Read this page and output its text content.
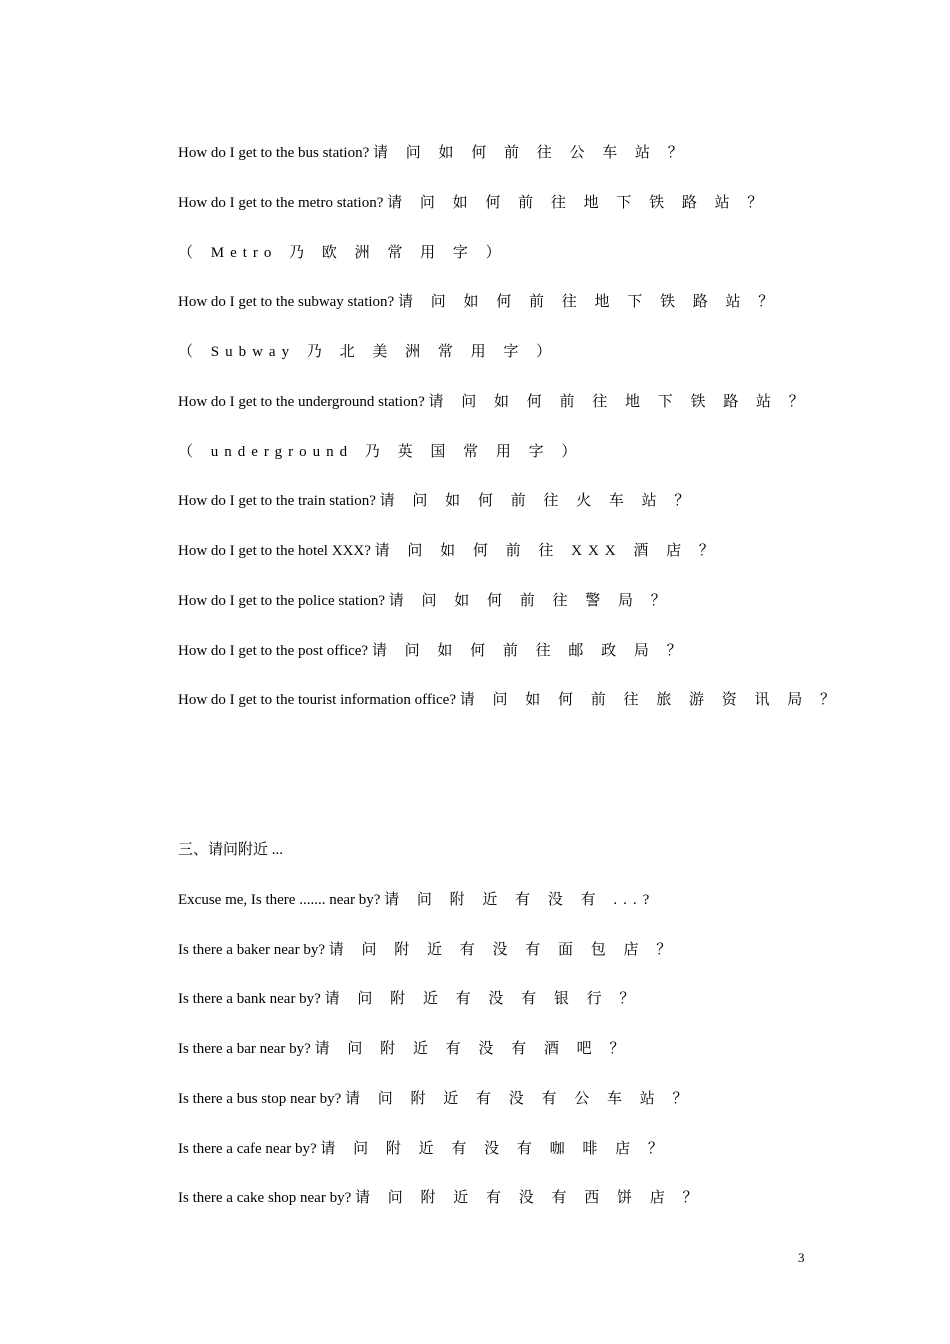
How do I get to the bus station? 请 问 如 何 前 往 公 车 站 ？
How do I get to the metro station? 请 问 如 何 前 往 地 下 铁 路 站 ？
（ Metro 乃 欧 洲 常 用 字 ）
How do I get to the subway station? 请 问 如 何 前 往 地 下 铁 路 站 ？
（ Subway 乃 北 美 洲 常 用 字 ）
How do I get to the underground station? 请 问 如 何 前 往 地 下 铁 路 站 ？
（ underground 乃 英 国 常 用 字 ）
How do I get to the train station? 请 问 如 何 前 往 火 车 站 ？
How do I get to the hotel XXX? 请 问 如 何 前 往 XXX 酒 店 ？
How do I get to the police station? 请 问 如 何 前 往 警 局 ？
How do I get to the post office? 请 问 如 何 前 往 邮 政 局 ？
How do I get to the tourist information office? 请 问 如 何 前 往 旅 游 资 讯 局 ？
三、请问附近 ...
Excuse me, Is there ....... near by? 请 问 附 近 有 没 有 ...?
Is there a baker near by? 请 问 附 近 有 没 有 面 包 店 ？
Is there a bank near by? 请 问 附 近 有 没 有 银 行 ？
Is there a bar near by? 请 问 附 近 有 没 有 酒 吧 ？
Is there a bus stop near by? 请 问 附 近 有 没 有 公 车 站 ？
Is there a cafe near by? 请 问 附 近 有 没 有 咖 啡 店 ？
Is there a cake shop near by? 请 问 附 近 有 没 有 西 饼 店 ？
3
